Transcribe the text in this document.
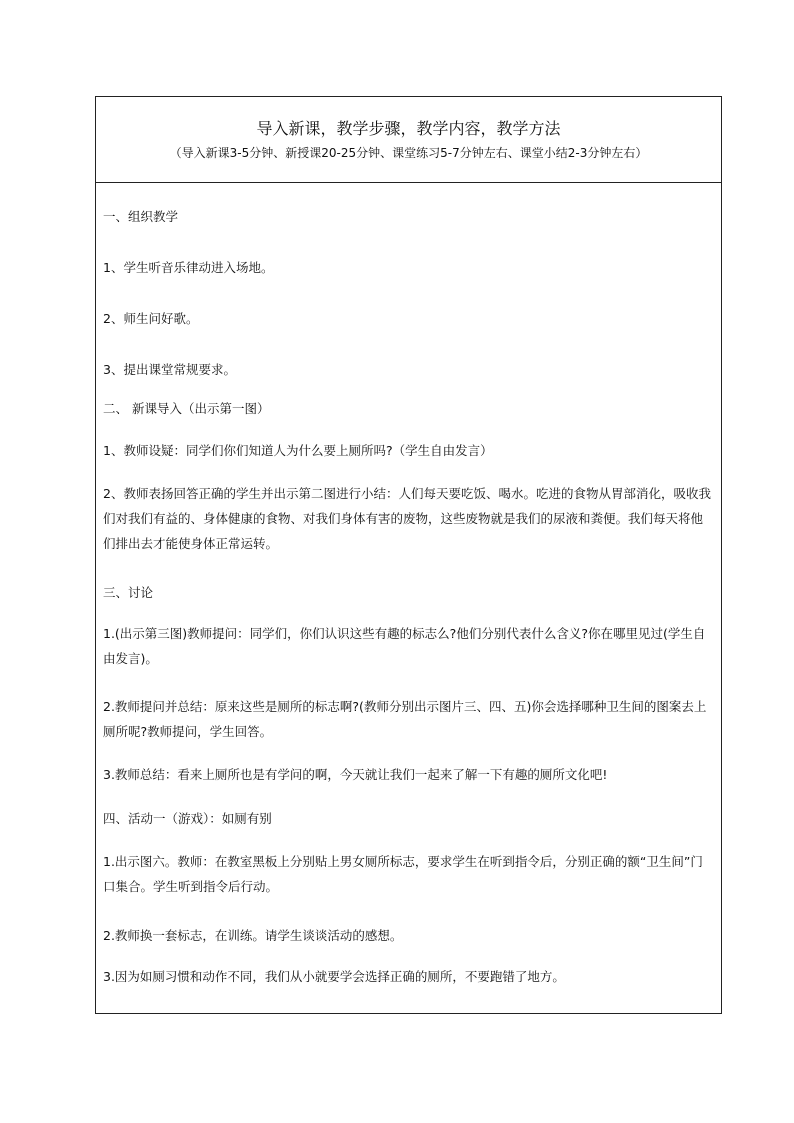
导入新课，教学步骤，教学内容，教学方法
（导入新课3-5分钟、新授课20-25分钟、课堂练习5-7分钟左右、课堂小结2-3分钟左右）
一、组织教学
1、学生听音乐律动进入场地。
2、师生问好歌。
3、提出课堂常规要求。
二、 新课导入（出示第一图）
1、教师设疑：同学们你们知道人为什么要上厕所吗?（学生自由发言）
2、教师表扬回答正确的学生并出示第二图进行小结：人们每天要吃饭、喝水。吃进的食物从胃部消化，吸收我们对我们有益的、身体健康的食物、对我们身体有害的废物，这些废物就是我们的尿液和粪便。我们每天将他们排出去才能使身体正常运转。
三、讨论
1.(出示第三图)教师提问：同学们，你们认识这些有趣的标志么?他们分别代表什么含义?你在哪里见过(学生自由发言)。
2.教师提问并总结：原来这些是厕所的标志啊?(教师分别出示图片三、四、五)你会选择哪种卫生间的图案去上厕所呢?教师提问，学生回答。
3.教师总结：看来上厕所也是有学问的啊，今天就让我们一起来了解一下有趣的厕所文化吧!
四、活动一（游戏）：如厕有别
1.出示图六。教师：在教室黑板上分别贴上男女厕所标志，要求学生在听到指令后，分别正确的额“卫生间”门口集合。学生听到指令后行动。
2.教师换一套标志，在训练。请学生谈谈活动的感想。
3.因为如厕习惯和动作不同，我们从小就要学会选择正确的厕所，不要跑错了地方。
